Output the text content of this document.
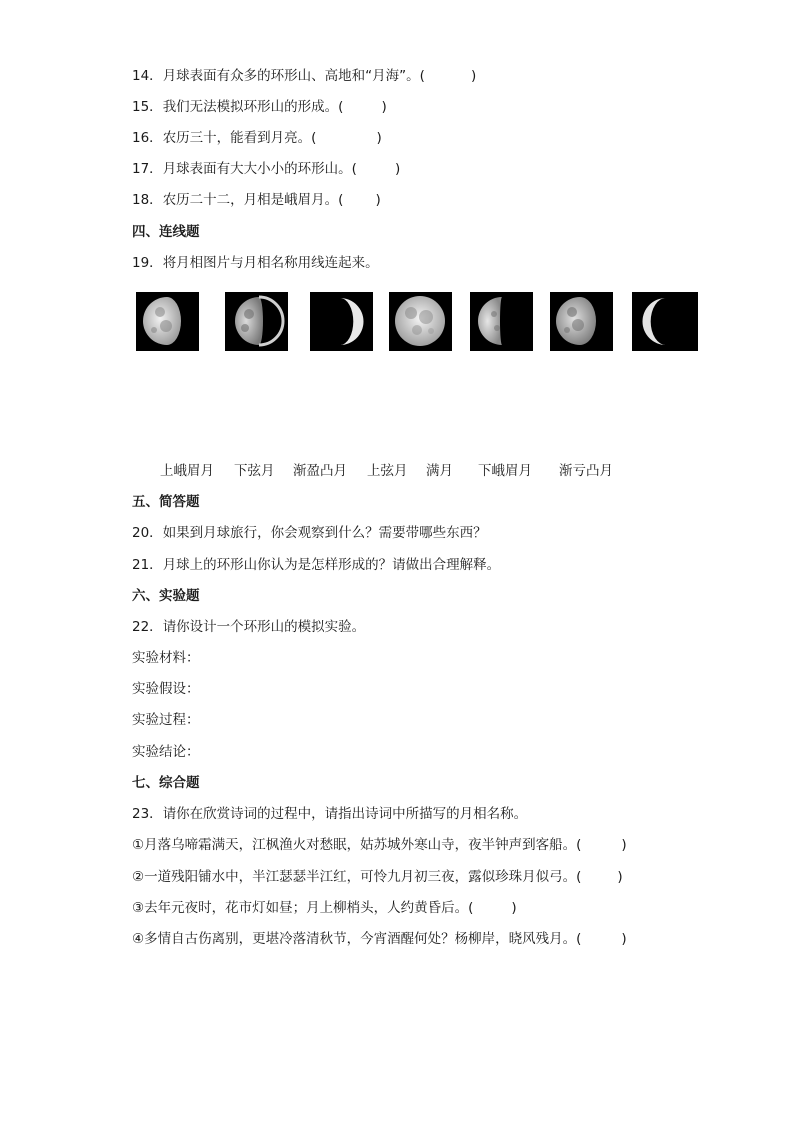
14．月球表面有众多的环形山、高地和“月海”。(	)
15．我们无法模拟环形山的形成。(	)
16．农历三十，能看到月亮。(	)
17．月球表面有大大小小的环形山。(	)
18．农历二十二，月相是峨眉月。( )
四、连线题
19．将月相图片与月相名称用线连起来。
上峨眉月 下弦月 渐盈凸月 上弦月 满月 下峨眉月 渐亏凸月
五、简答题
20．如果到月球旅行，你会观察到什么？需要带哪些东西？
21．月球上的环形山你认为是怎样形成的？请做出合理解释。
六、实验题
22．请你设计一个环形山的模拟实验。
实验材料：
实验假设：
实验过程：
实验结论：
七、综合题
23．请你在欣赏诗词的过程中，请指出诗词中所描写的月相名称。
①月落乌啼霜满天，江枫渔火对愁眠，姑苏城外寒山寺，夜半钟声到客船。(	)
②一道残阳铺水中，半江瑟瑟半江红，可怜九月初三夜，露似珍珠月似弓。(	)
③去年元夜时，花市灯如昼；月上柳梢头，人约黄昏后。(	)
④多情自古伤离别，更堪冷落清秋节，今宵酒醒何处？杨柳岸，晓风残月。(	)
